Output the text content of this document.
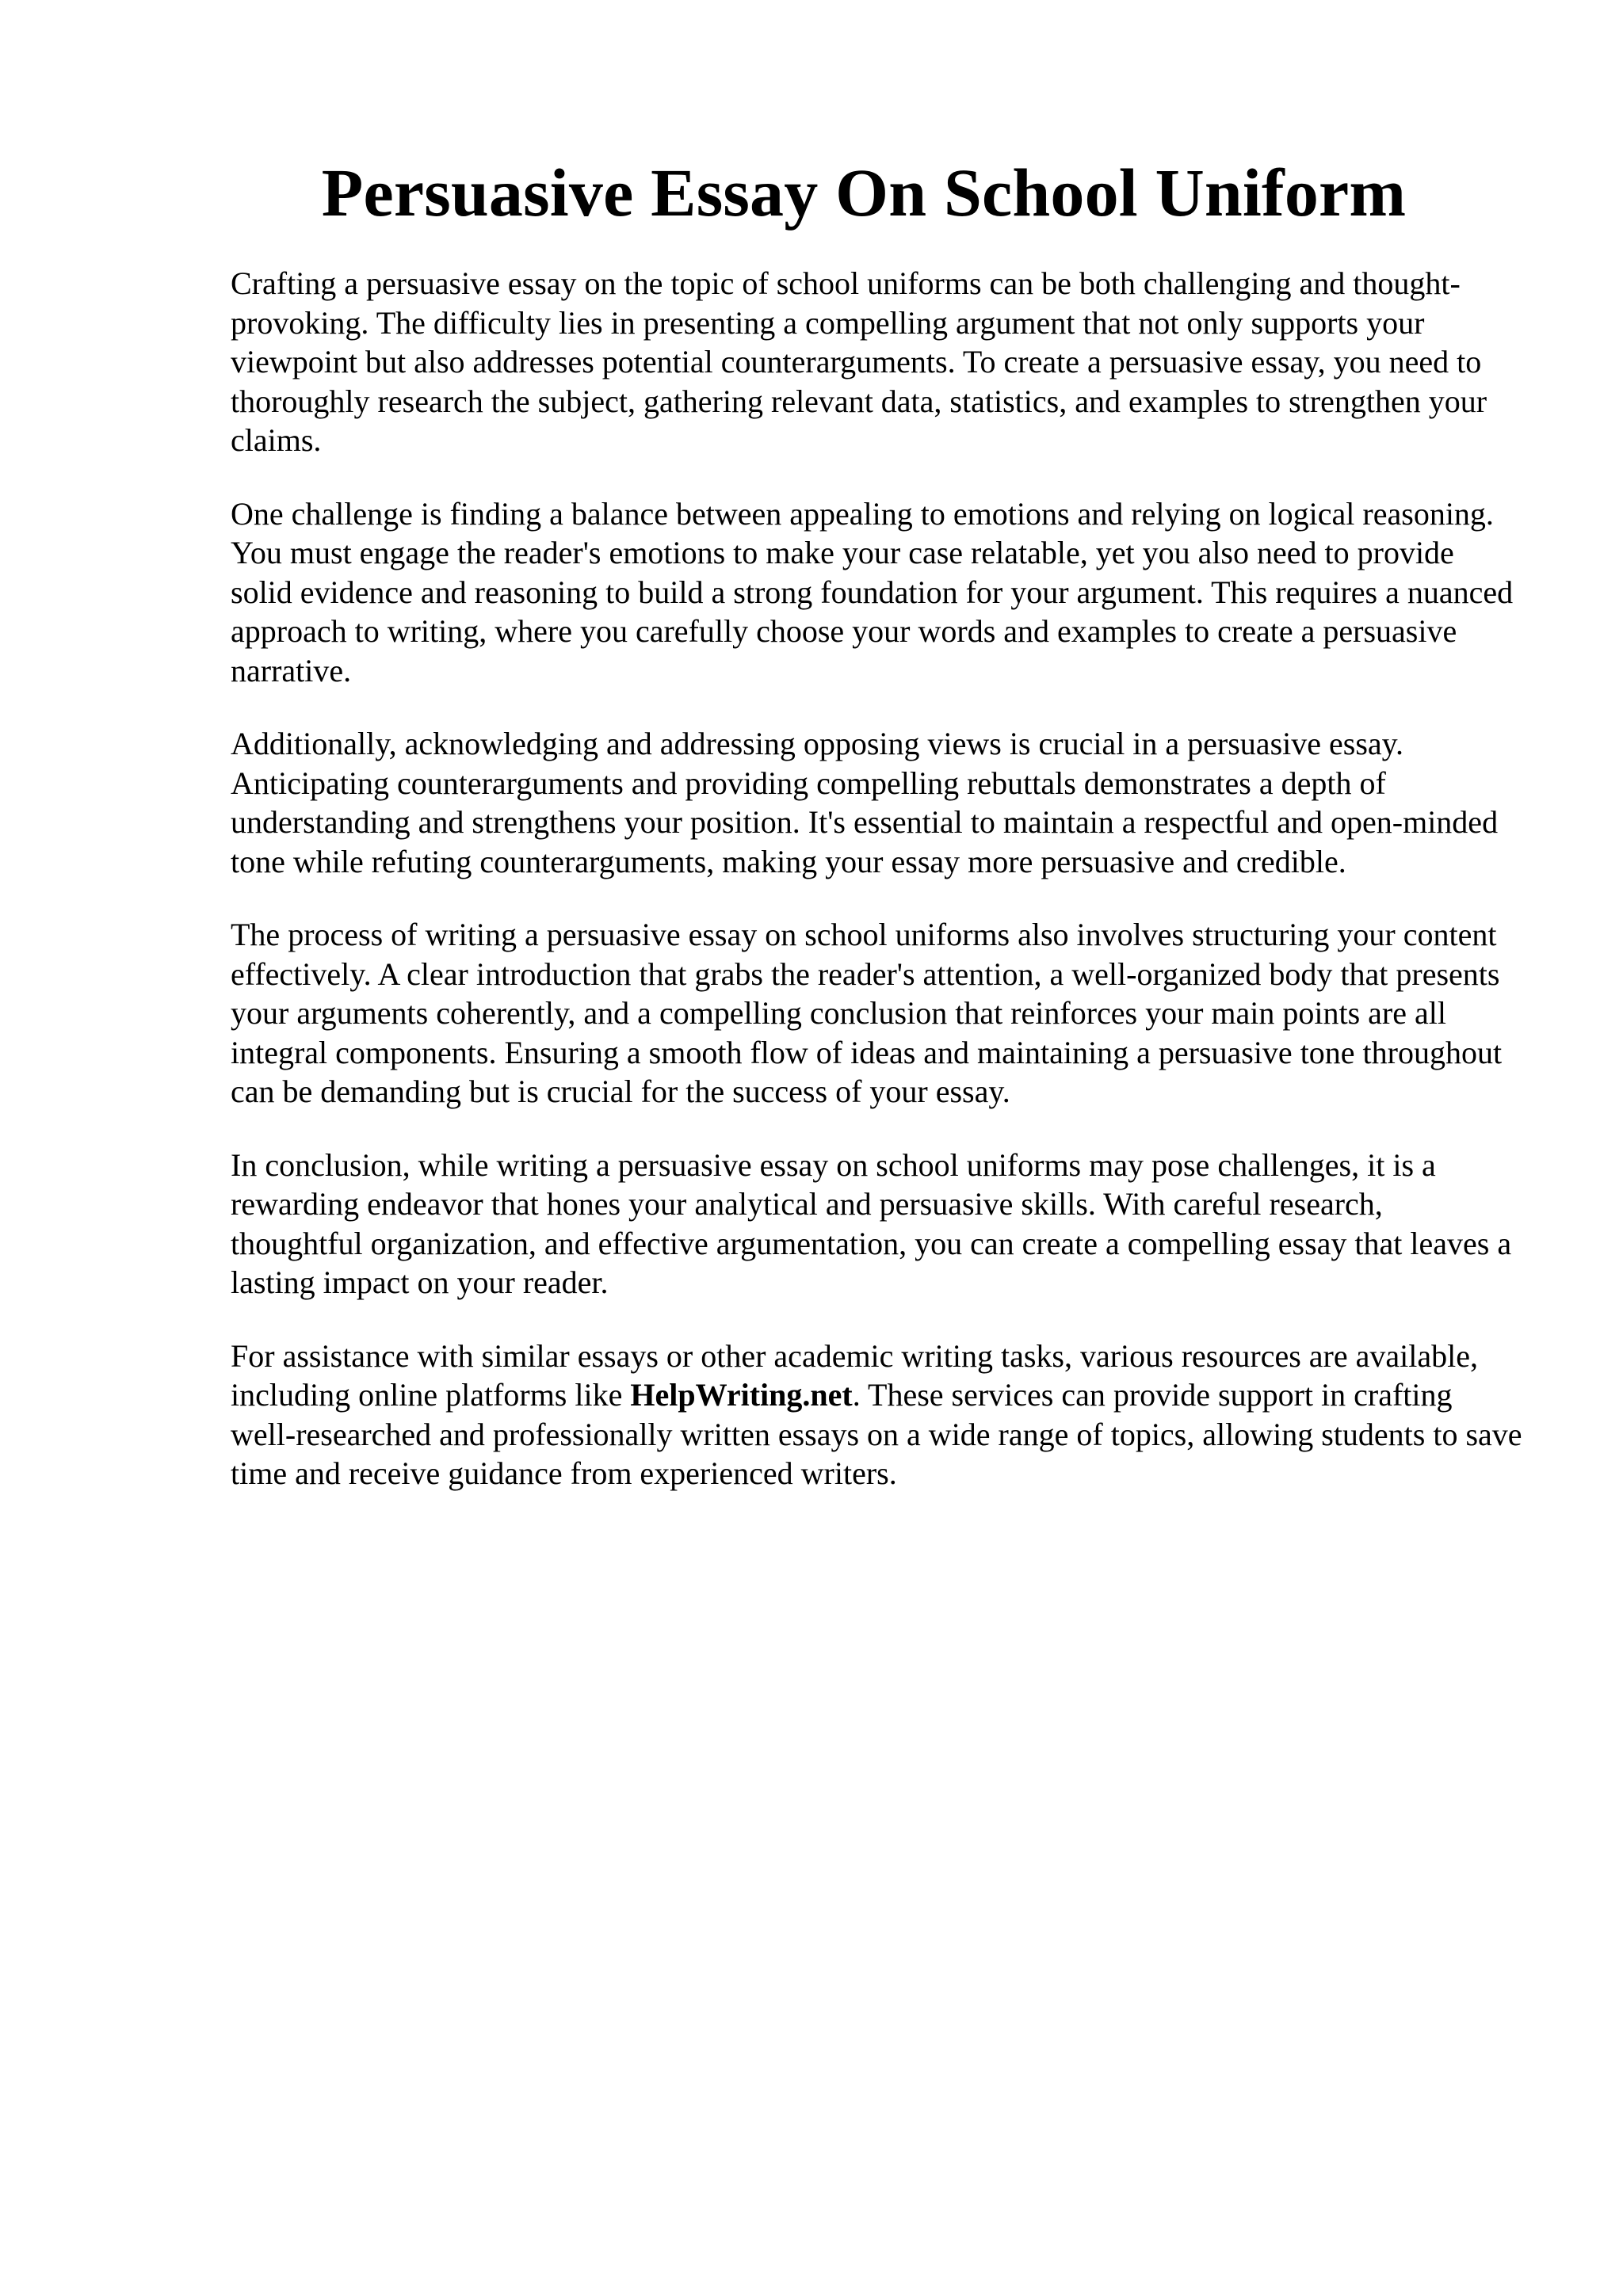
Persuasive Essay On School Uniform

Crafting a persuasive essay on the topic of school uniforms can be both challenging and thought-provoking. The difficulty lies in presenting a compelling argument that not only supports your viewpoint but also addresses potential counterarguments. To create a persuasive essay, you need to thoroughly research the subject, gathering relevant data, statistics, and examples to strengthen your claims.

One challenge is finding a balance between appealing to emotions and relying on logical reasoning. You must engage the reader's emotions to make your case relatable, yet you also need to provide solid evidence and reasoning to build a strong foundation for your argument. This requires a nuanced approach to writing, where you carefully choose your words and examples to create a persuasive narrative.

Additionally, acknowledging and addressing opposing views is crucial in a persuasive essay. Anticipating counterarguments and providing compelling rebuttals demonstrates a depth of understanding and strengthens your position. It's essential to maintain a respectful and open-minded tone while refuting counterarguments, making your essay more persuasive and credible.

The process of writing a persuasive essay on school uniforms also involves structuring your content effectively. A clear introduction that grabs the reader's attention, a well-organized body that presents your arguments coherently, and a compelling conclusion that reinforces your main points are all integral components. Ensuring a smooth flow of ideas and maintaining a persuasive tone throughout can be demanding but is crucial for the success of your essay.

In conclusion, while writing a persuasive essay on school uniforms may pose challenges, it is a rewarding endeavor that hones your analytical and persuasive skills. With careful research, thoughtful organization, and effective argumentation, you can create a compelling essay that leaves a lasting impact on your reader.

For assistance with similar essays or other academic writing tasks, various resources are available, including online platforms like HelpWriting.net. These services can provide support in crafting well-researched and professionally written essays on a wide range of topics, allowing students to save time and receive guidance from experienced writers.
